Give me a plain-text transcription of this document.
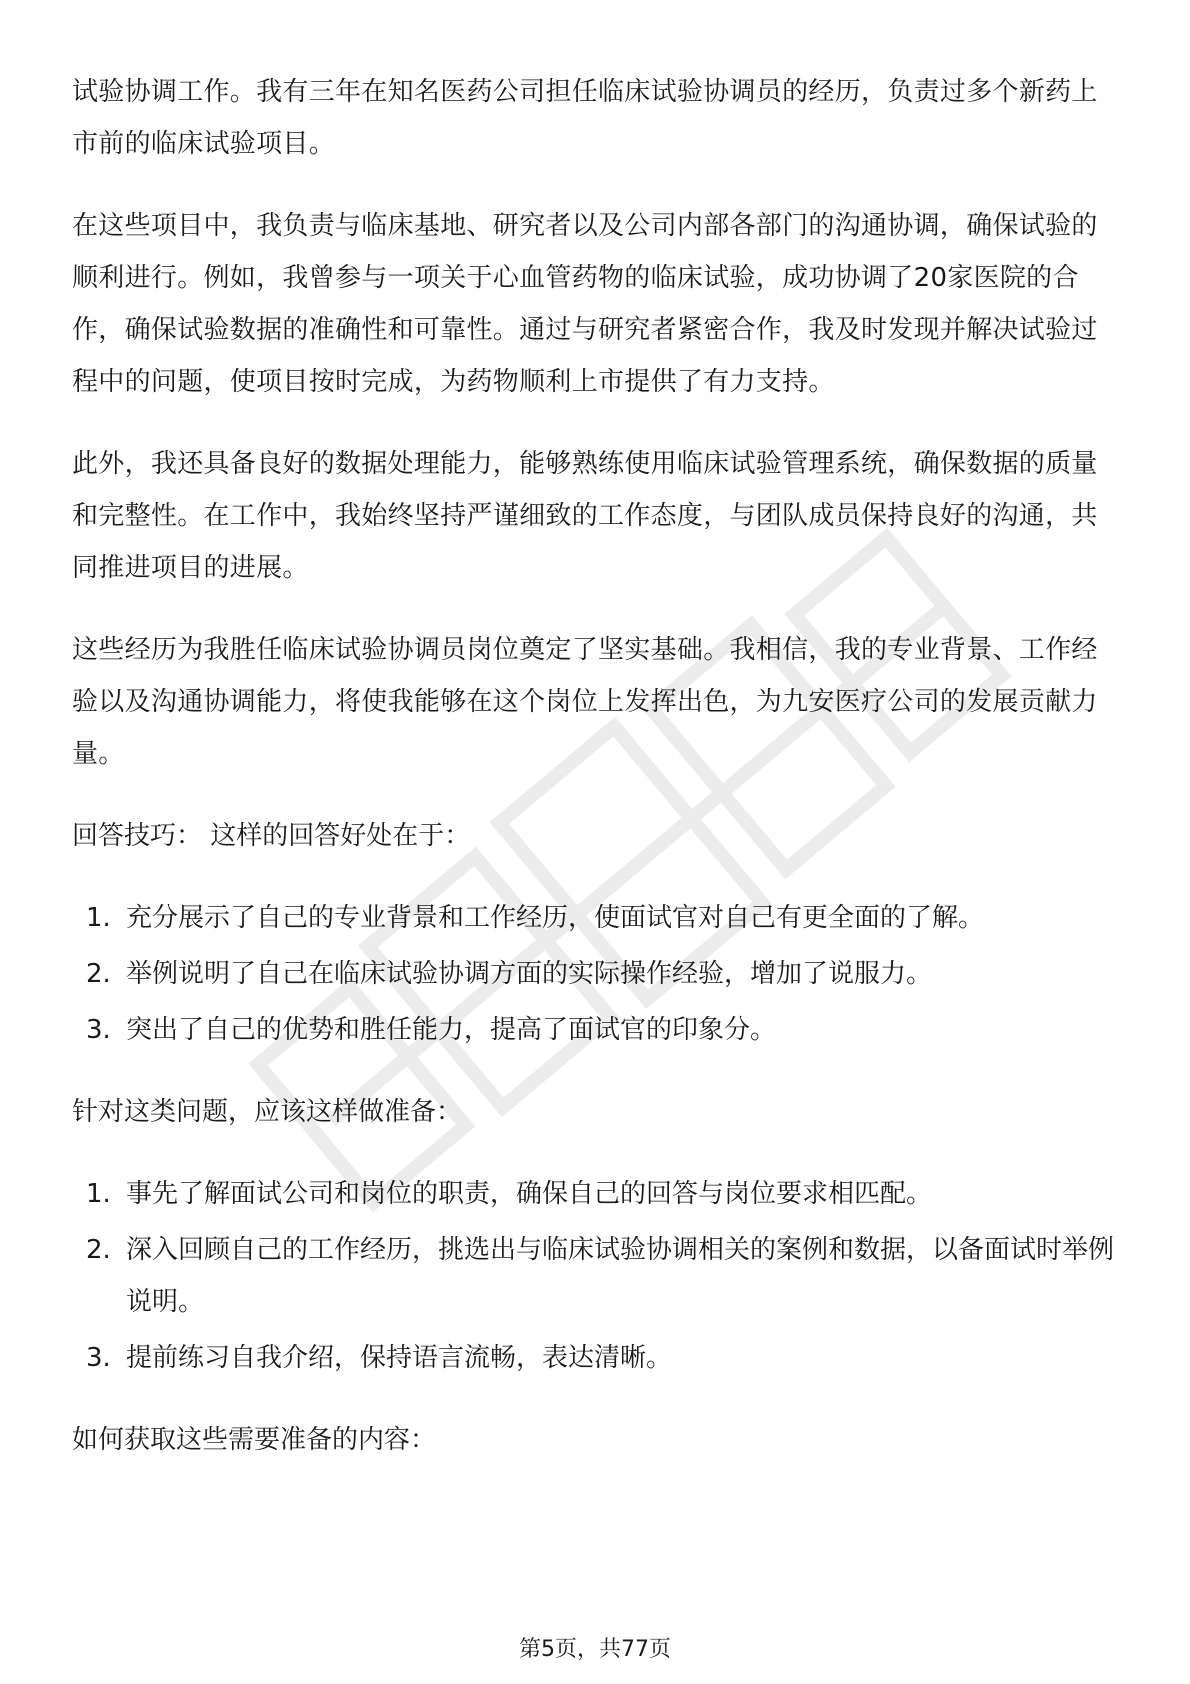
试验协调工作。我有三年在知名医药公司担任临床试验协调员的经历，负责过多个新药上市前的临床试验项目。

在这些项目中，我负责与临床基地、研究者以及公司内部各部门的沟通协调，确保试验的顺利进行。例如，我曾参与一项关于心血管药物的临床试验，成功协调了20家医院的合作，确保试验数据的准确性和可靠性。通过与研究者紧密合作，我及时发现并解决试验过程中的问题，使项目按时完成，为药物顺利上市提供了有力支持。

此外，我还具备良好的数据处理能力，能够熟练使用临床试验管理系统，确保数据的质量和完整性。在工作中，我始终坚持严谨细致的工作态度，与团队成员保持良好的沟通，共同推进项目的进展。

这些经历为我胜任临床试验协调员岗位奠定了坚实基础。我相信，我的专业背景、工作经验以及沟通协调能力，将使我能够在这个岗位上发挥出色，为九安医疗公司的发展贡献力量。

回答技巧： 这样的回答好处在于：

1. 充分展示了自己的专业背景和工作经历，使面试官对自己有更全面的了解。
2. 举例说明了自己在临床试验协调方面的实际操作经验，增加了说服力。
3. 突出了自己的优势和胜任能力，提高了面试官的印象分。

针对这类问题，应该这样做准备：

1. 事先了解面试公司和岗位的职责，确保自己的回答与岗位要求相匹配。
2. 深入回顾自己的工作经历，挑选出与临床试验协调相关的案例和数据，以备面试时举例说明。
3. 提前练习自我介绍，保持语言流畅，表达清晰。

如何获取这些需要准备的内容：

第5页，共77页
